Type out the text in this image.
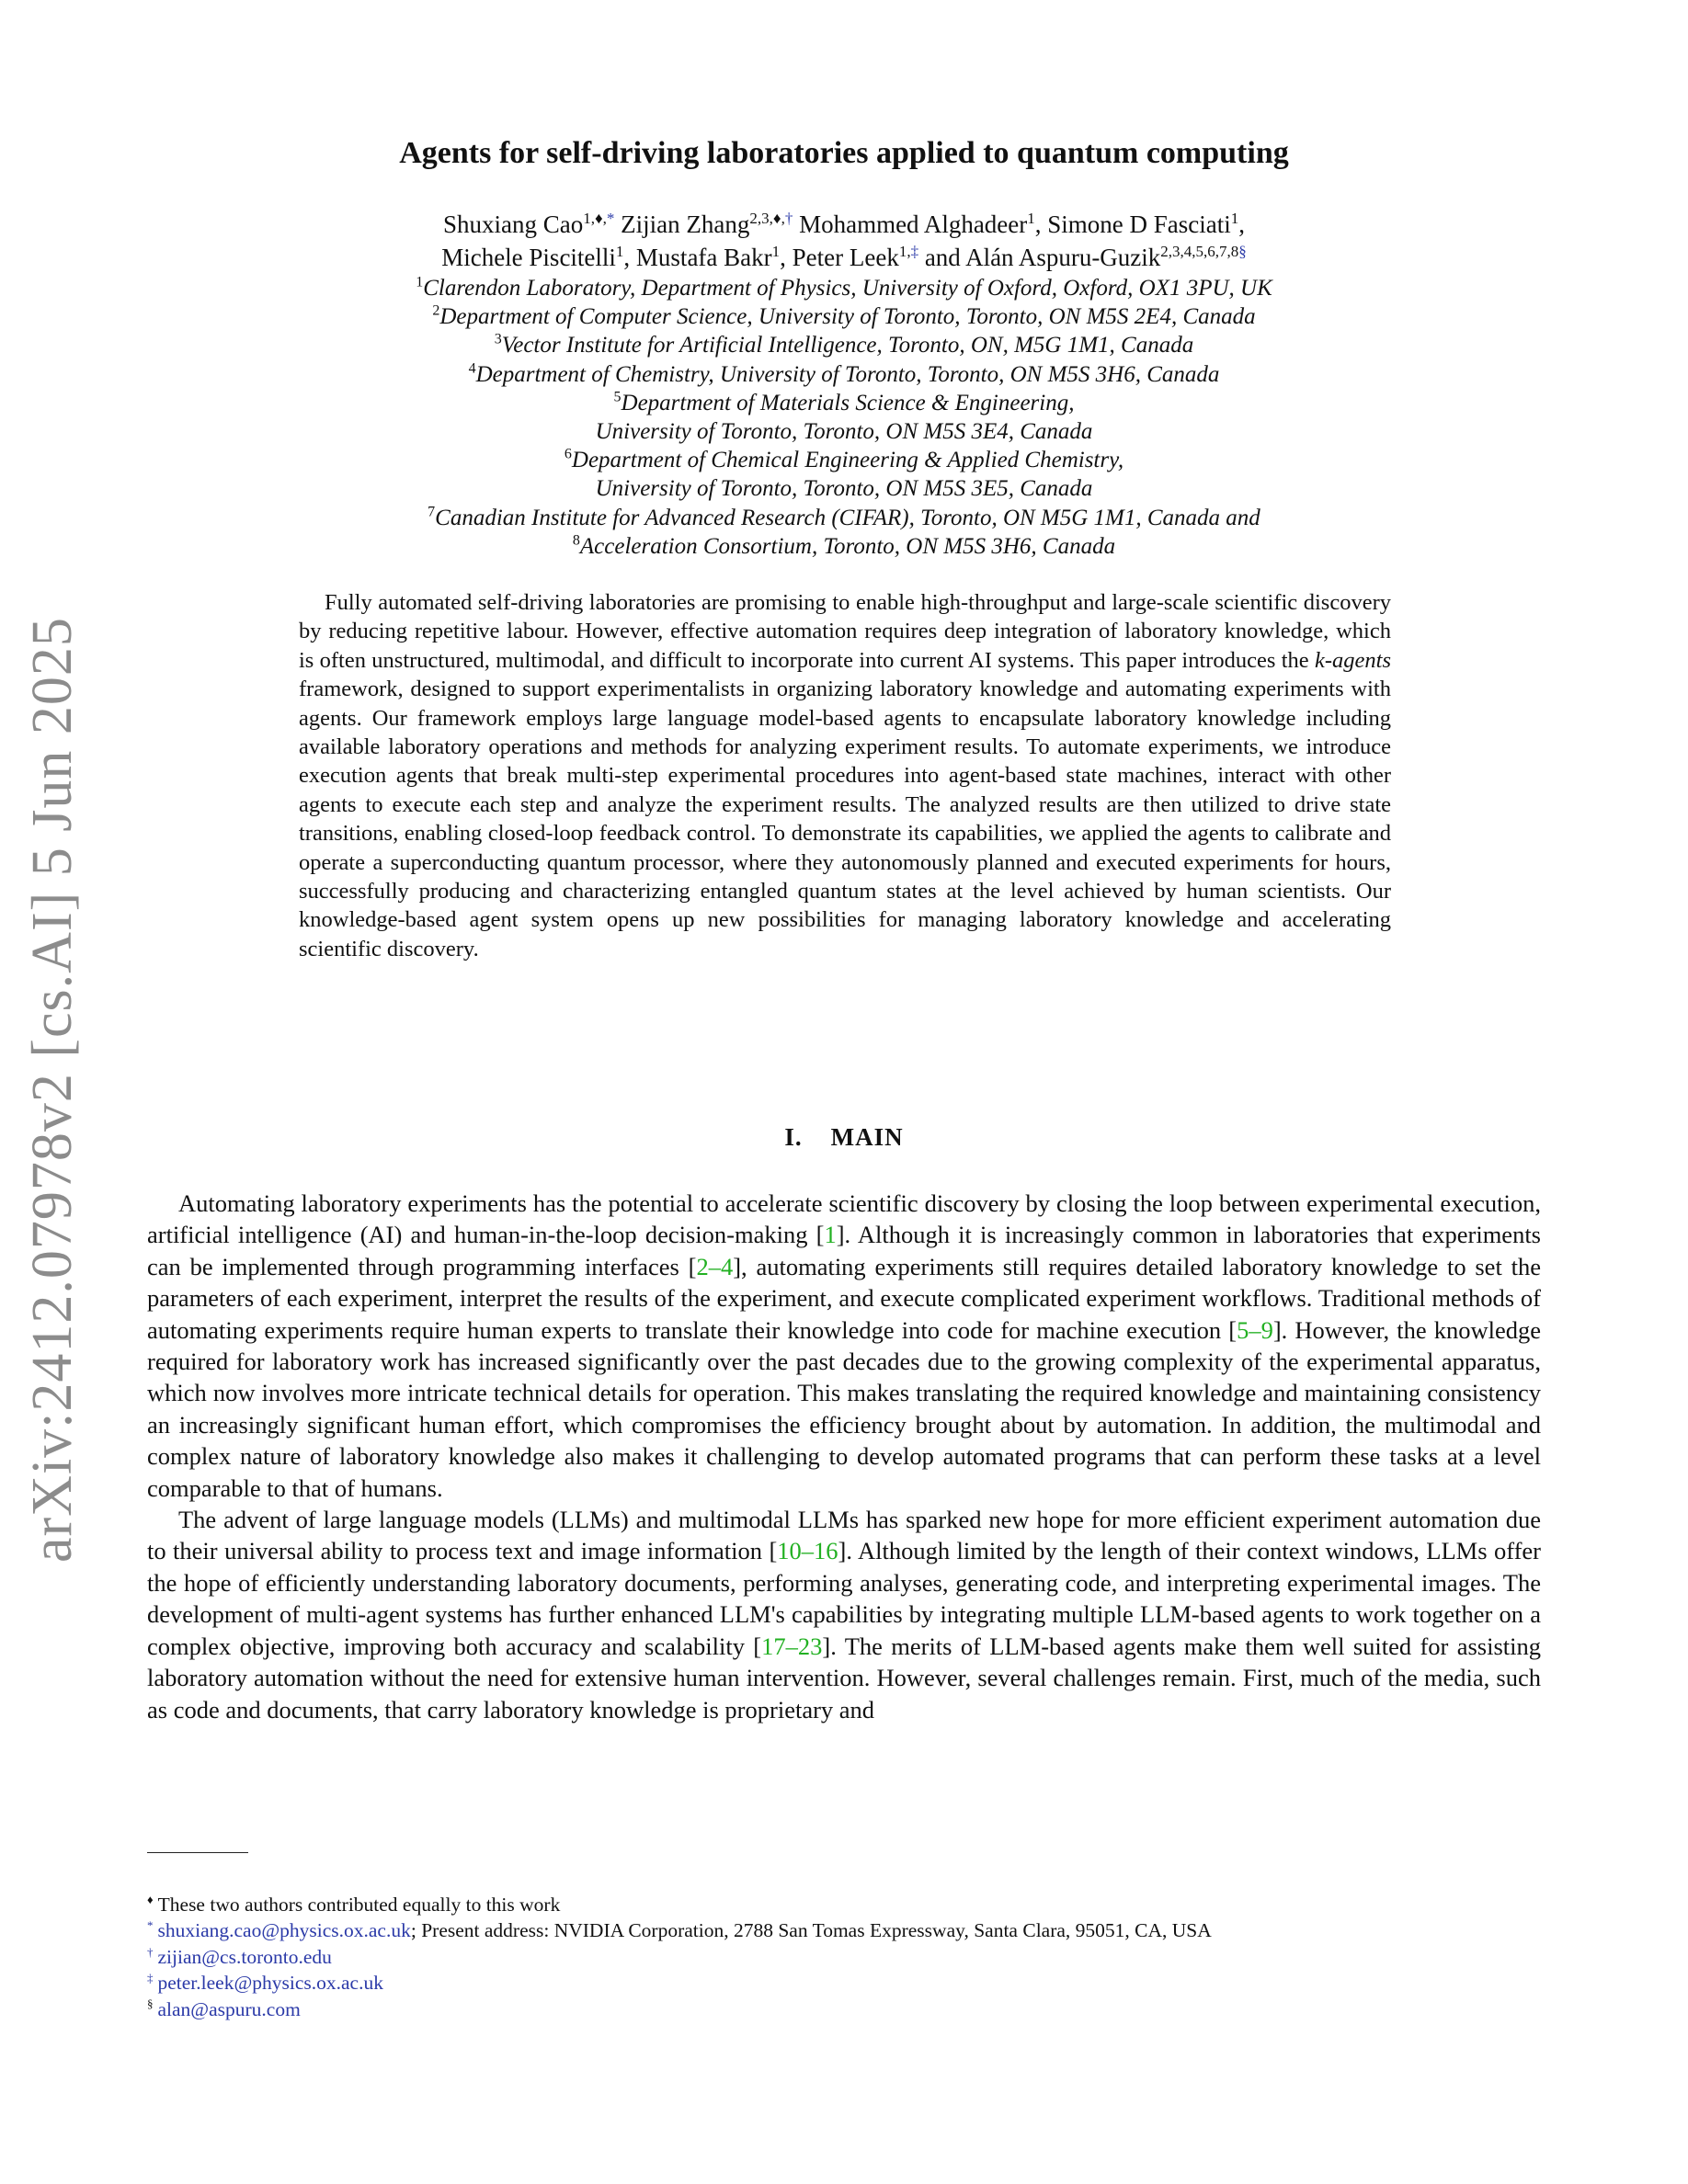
arXiv:2412.07978v2 [cs.AI] 5 Jun 2025
Agents for self-driving laboratories applied to quantum computing
Shuxiang Cao$^{1,♦,*}$ Zijian Zhang$^{2,3,♦,\dagger}$ Mohammed Alghadeer$^1$, Simone D Fasciati$^1$,
Michele Piscitelli$^1$, Mustafa Bakr$^1$, Peter Leek$^{1,\ddagger}$ and Alán Aspuru-Guzik$^{2,3,4,5,6,7,8\S}$
$^1$Clarendon Laboratory, Department of Physics, University of Oxford, Oxford, OX1 3PU, UK
$^2$Department of Computer Science, University of Toronto, Toronto, ON M5S 2E4, Canada
$^3$Vector Institute for Artificial Intelligence, Toronto, ON, M5G 1M1, Canada
$^4$Department of Chemistry, University of Toronto, Toronto, ON M5S 3H6, Canada
$^5$Department of Materials Science & Engineering,
University of Toronto, Toronto, ON M5S 3E4, Canada
$^6$Department of Chemical Engineering & Applied Chemistry,
University of Toronto, Toronto, ON M5S 3E5, Canada
$^7$Canadian Institute for Advanced Research (CIFAR), Toronto, ON M5G 1M1, Canada and
$^8$Acceleration Consortium, Toronto, ON M5S 3H6, Canada
Fully automated self-driving laboratories are promising to enable high-throughput and large-scale scientific discovery by reducing repetitive labour. However, effective automation requires deep integration of laboratory knowledge, which is often unstructured, multimodal, and difficult to incorporate into current AI systems. This paper introduces the k-agents framework, designed to support experimentalists in organizing laboratory knowledge and automating experiments with agents. Our framework employs large language model-based agents to encapsulate laboratory knowledge including available laboratory operations and methods for analyzing experiment results. To automate experiments, we introduce execution agents that break multi-step experimental procedures into agent-based state machines, interact with other agents to execute each step and analyze the experiment results. The analyzed results are then utilized to drive state transitions, enabling closed-loop feedback control. To demonstrate its capabilities, we applied the agents to calibrate and operate a superconducting quantum processor, where they autonomously planned and executed experiments for hours, successfully producing and characterizing entangled quantum states at the level achieved by human scientists. Our knowledge-based agent system opens up new possibilities for managing laboratory knowledge and accelerating scientific discovery.
I. MAIN

Automating laboratory experiments has the potential to accelerate scientific discovery by closing the loop between experimental execution, artificial intelligence (AI) and human-in-the-loop decision-making [1]. Although it is increasingly common in laboratories that experiments can be implemented through programming interfaces [2–4], automating experiments still requires detailed laboratory knowledge to set the parameters of each experiment, interpret the results of the experiment, and execute complicated experiment workflows. Traditional methods of automating experiments require human experts to translate their knowledge into code for machine execution [5–9]. However, the knowledge required for laboratory work has increased significantly over the past decades due to the growing complexity of the experimental apparatus, which now involves more intricate technical details for operation. This makes translating the required knowledge and maintaining consistency an increasingly significant human effort, which compromises the efficiency brought about by automation. In addition, the multimodal and complex nature of laboratory knowledge also makes it challenging to develop automated programs that can perform these tasks at a level comparable to that of humans.

The advent of large language models (LLMs) and multimodal LLMs has sparked new hope for more efficient experiment automation due to their universal ability to process text and image information [10–16]. Although limited by the length of their context windows, LLMs offer the hope of efficiently understanding laboratory documents, performing analyses, generating code, and interpreting experimental images. The development of multi-agent systems has further enhanced LLM's capabilities by integrating multiple LLM-based agents to work together on a complex objective, improving both accuracy and scalability [17–23]. The merits of LLM-based agents make them well suited for assisting laboratory automation without the need for extensive human intervention. However, several challenges remain. First, much of the media, such as code and documents, that carry laboratory knowledge is proprietary and

♦ These two authors contributed equally to this work

* shuxiang.cao@physics.ox.ac.uk; Present address: NVIDIA Corporation, 2788 San Tomas Expressway, Santa Clara, 95051, CA, USA

† zijian@cs.toronto.edu

‡ peter.leek@physics.ox.ac.uk

§ alan@aspuru.com
